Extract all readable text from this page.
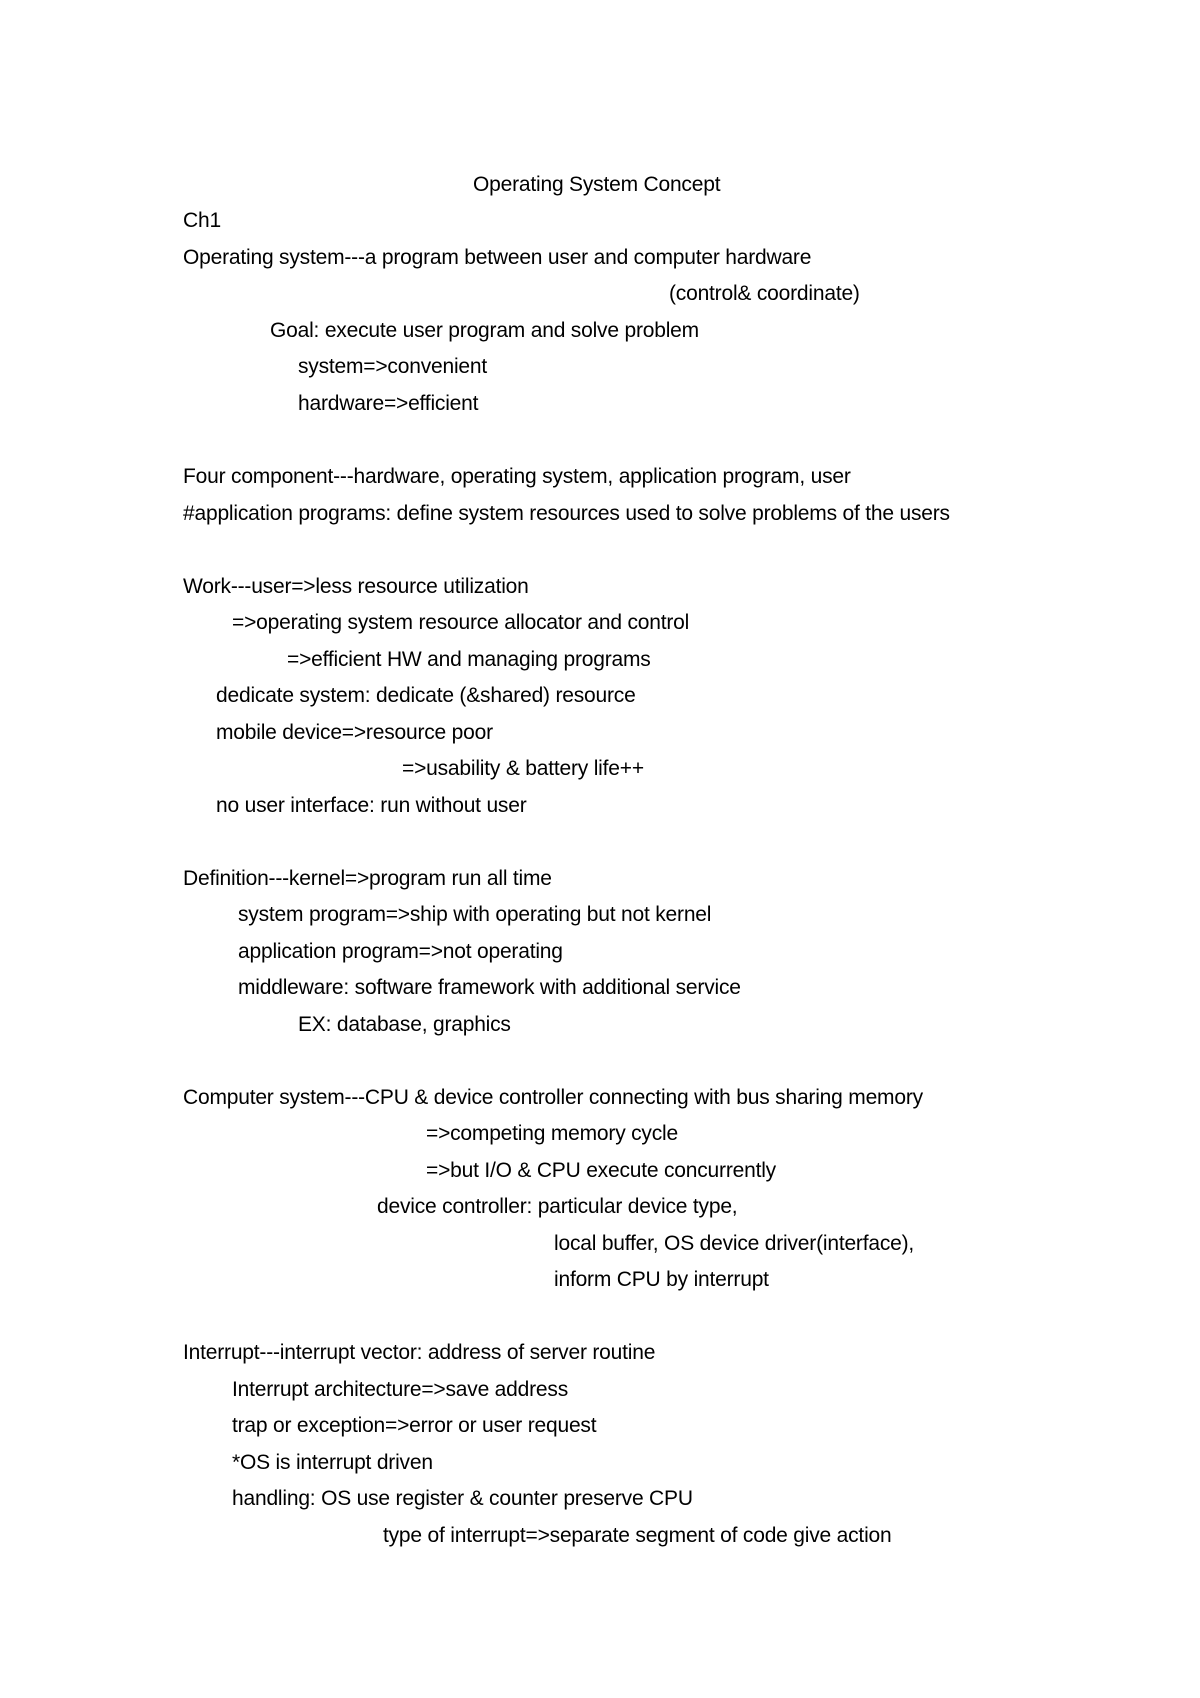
Operating System Concept
Ch1
Operating system---a program between user and computer hardware
(control& coordinate)
Goal: execute user program and solve problem
system=>convenient
hardware=>efficient
Four component---hardware, operating system, application program, user
#application programs: define system resources used to solve problems of the users
Work---user=>less resource utilization
=>operating system resource allocator and control
=>efficient HW and managing programs
dedicate system: dedicate (&shared) resource
mobile device=>resource poor
=>usability & battery life++
no user interface: run without user
Definition---kernel=>program run all time
system program=>ship with operating but not kernel
application program=>not operating
middleware: software framework with additional service
EX: database, graphics
Computer system---CPU & device controller connecting with bus sharing memory
=>competing memory cycle
=>but I/O & CPU execute concurrently
device controller: particular device type,
local buffer, OS device driver(interface),
inform CPU by interrupt
Interrupt---interrupt vector: address of server routine
Interrupt architecture=>save address
trap or exception=>error or user request
*OS is interrupt driven
handling: OS use register & counter preserve CPU
type of interrupt=>separate segment of code give action
